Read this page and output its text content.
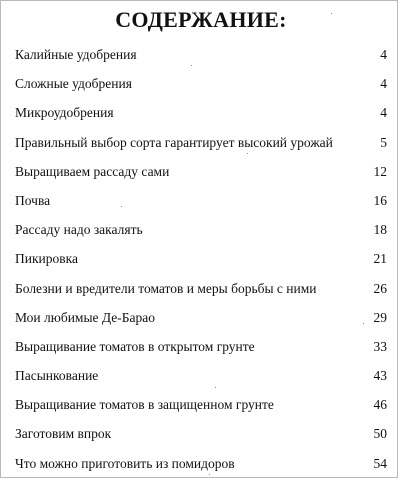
СОДЕРЖАНИЕ:
Калийные удобрения	4
Сложные удобрения	4
Микроудобрения	4
Правильный выбор сорта гарантирует высокий урожай	5
Выращиваем рассаду сами	12
Почва	16
Рассаду надо закалять	18
Пикировка	21
Болезни и вредители томатов и меры борьбы с ними	26
Мои любимые Де-Барао	29
Выращивание томатов в открытом грунте	33
Пасынкование	43
Выращивание томатов в защищенном грунте	46
Заготовим впрок	50
Что можно приготовить из помидоров	54
